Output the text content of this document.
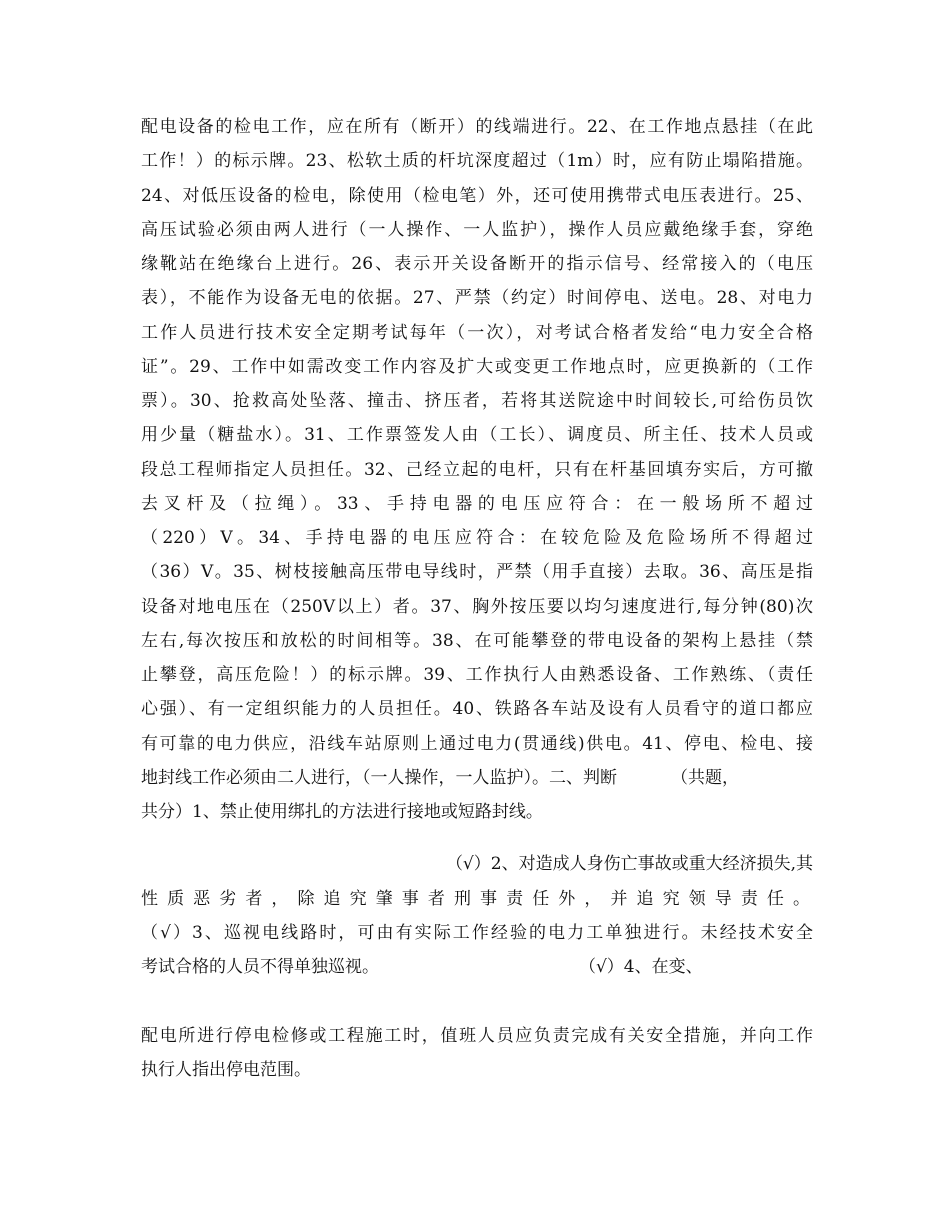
配电设备的检电工作，应在所有（断开）的线端进行。22、在工作地点悬挂（在此
工作！）的标示牌。23、松软土质的杆坑深度超过（1m）时，应有防止塌陷措施。
24、对低压设备的检电，除使用（检电笔）外，还可使用携带式电压表进行。25、
高压试验必须由两人进行（一人操作、一人监护），操作人员应戴绝缘手套，穿绝
缘靴站在绝缘台上进行。26、表示开关设备断开的指示信号、经常接入的（电压
表），不能作为设备无电的依据。27、严禁（约定）时间停电、送电。28、对电力
工作人员进行技术安全定期考试每年（一次），对考试合格者发给“电力安全合格
证”。29、工作中如需改变工作内容及扩大或变更工作地点时，应更换新的（工作
票）。30、抢救高处坠落、撞击、挤压者，若将其送院途中时间较长,可给伤员饮
用少量（糖盐水）。31、工作票签发人由（工长）、调度员、所主任、技术人员或
段总工程师指定人员担任。32、己经立起的电杆，只有在杆基回填夯实后，方可撤
去叉杆及（拉绳）。33、手持电器的电压应符合：在一般场所不超过
（220）V。34、手持电器的电压应符合：在较危险及危险场所不得超过
（36）V。35、树枝接触高压带电导线时，严禁（用手直接）去取。36、高压是指
设备对地电压在（250V以上）者。37、胸外按压要以均匀速度进行,每分钟(80)次
左右,每次按压和放松的时间相等。38、在可能攀登的带电设备的架构上悬挂（禁
止攀登，高压危险！）的标示牌。39、工作执行人由熟悉设备、工作熟练、（责任
心强）、有一定组织能力的人员担任。40、铁路各车站及设有人员看守的道口都应
有可靠的电力供应，沿线车站原则上通过电力(贯通线)供电。41、停电、检电、接
地封线工作必须由二人进行，（一人操作，一人监护）。二、判断          （共题，
共分）1、禁止使用绑扎的方法进行接地或短路封线。
（√）2、对造成人身伤亡事故或重大经济损失,其
性质恶劣者，除追究肇事者刑事责任外，并追究领导责任。
（√）3、巡视电线路时，可由有实际工作经验的电力工单独进行。未经技术安全
考试合格的人员不得单独巡视。                                     （√）4、在变、
配电所进行停电检修或工程施工时，值班人员应负责完成有关安全措施，并向工作
执行人指出停电范围。
